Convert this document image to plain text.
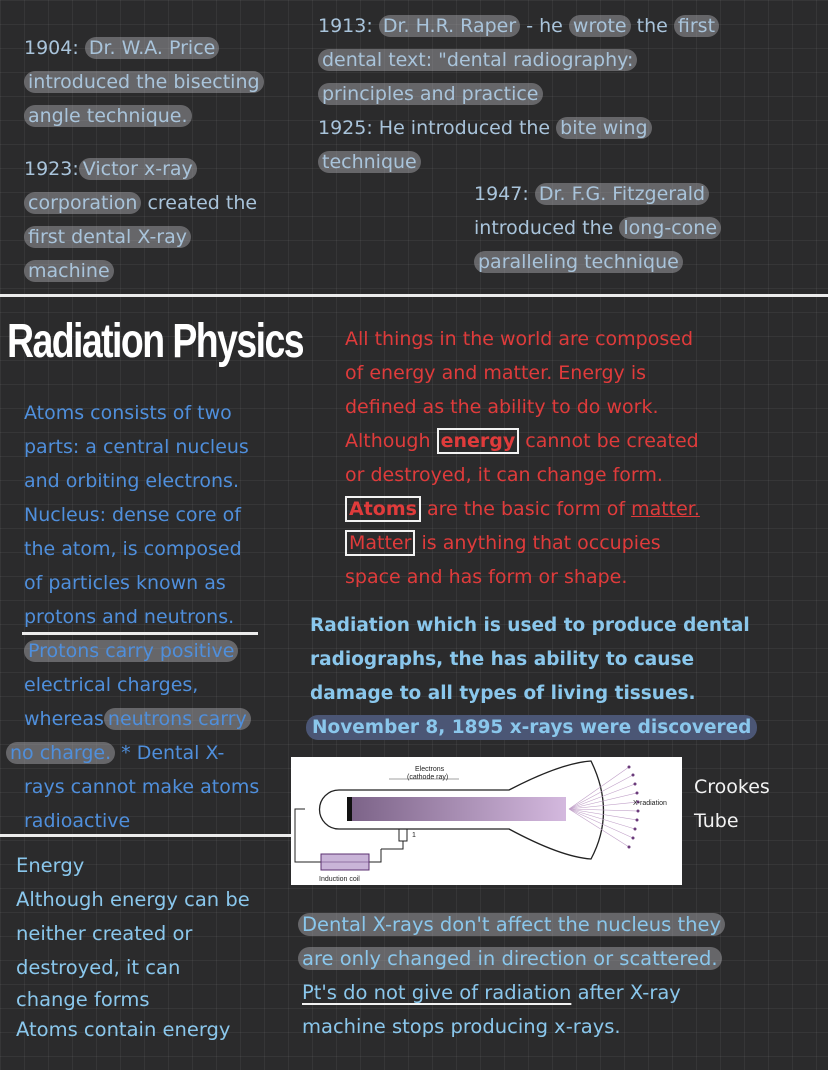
1904: Dr. W.A. Price
introduced the bisecting
angle technique.
1913: Dr. H.R. Raper - he wrote the first
dental text: "dental radiography:
principles and practice
1925: He introduced the bite wing
technique
1923: Victor x-ray
corporation created the
first dental X-ray
machine
1947: Dr. F.G. Fitzgerald
introduced the long-cone
paralleling technique
Radiation Physics
Atoms consists of two
parts: a central nucleus
and orbiting electrons.
Nucleus: dense core of
the atom, is composed
of particles known as
protons and neutrons.
Protons carry positive
electrical charges,
whereas neutrons carry
no charge. * Dental X-
rays cannot make atoms
radioactive
All things in the world are composed
of energy and matter. Energy is
defined as the ability to do work.
Although energy cannot be created
or destroyed, it can change form.
Atoms are the basic form of matter.
Matter is anything that occupies
space and has form or shape.
Radiation which is used to produce dental
radiographs, the has ability to cause
damage to all types of living tissues.
November 8, 1895 x-rays were discovered
Electrons
(cathode ray)
X-radiation
Induction coil
1
Crookes
Tube
Energy
Although energy can be
neither created or
destroyed, it can
change forms
Atoms contain energy
Dental X-rays don't affect the nucleus they
are only changed in direction or scattered.
Pt's do not give of radiation after X-ray
machine stops producing x-rays.
